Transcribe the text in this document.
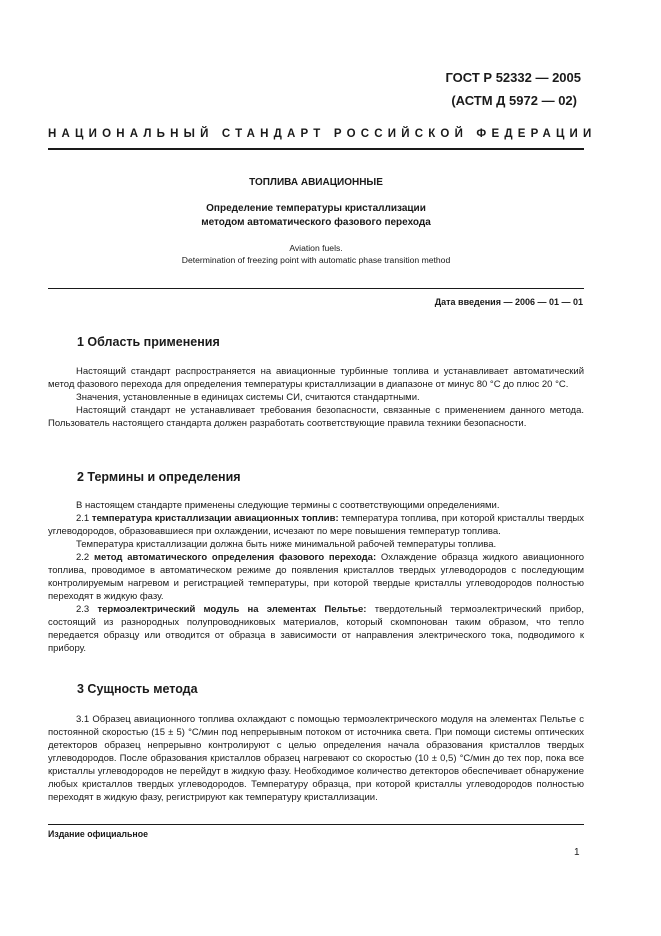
ГОСТ Р 52332 — 2005
(АСТМ Д 5972 — 02)
НАЦИОНАЛЬНЫЙ СТАНДАРТ РОССИЙСКОЙ ФЕДЕРАЦИИ
ТОПЛИВА АВИАЦИОННЫЕ
Определение температуры кристаллизации
методом автоматического фазового перехода
Aviation fuels.
Determination of freezing point with automatic phase transition method
Дата введения — 2006 — 01 — 01
1 Область применения

Настоящий стандарт распространяется на авиационные турбинные топлива и устанавливает автоматический метод фазового перехода для определения температуры кристаллизации в диапазоне от минус 80 °С до плюс 20 °С.

Значения, установленные в единицах системы СИ, считаются стандартными.

Настоящий стандарт не устанавливает требования безопасности, связанные с применением данного метода. Пользователь настоящего стандарта должен разработать соответствующие правила техники безопасности.

2 Термины и определения

В настоящем стандарте применены следующие термины с соответствующими определениями.

2.1 температура кристаллизации авиационных топлив: температура топлива, при которой кристаллы твердых углеводородов, образовавшиеся при охлаждении, исчезают по мере повышения температур топлива.

Температура кристаллизации должна быть ниже минимальной рабочей температуры топлива.

2.2 метод автоматического определения фазового перехода: Охлаждение образца жидкого авиационного топлива, проводимое в автоматическом режиме до появления кристаллов твердых углеводородов с последующим контролируемым нагревом и регистрацией температуры, при которой твердые кристаллы углеводородов полностью переходят в жидкую фазу.

2.3 термоэлектрический модуль на элементах Пельтье: твердотельный термоэлектрический прибор, состоящий из разнородных полупроводниковых материалов, который скомпонован таким образом, что тепло передается образцу или отводится от образца в зависимости от направления электрического тока, подводимого к прибору.

3 Сущность метода

3.1 Образец авиационного топлива охлаждают с помощью термоэлектрического модуля на элементах Пельтье с постоянной скоростью (15 ± 5) °С/мин под непрерывным потоком от источника света. При помощи системы оптических детекторов образец непрерывно контролируют с целью определения начала образования кристаллов твердых углеводородов. После образования кристаллов образец нагревают со скоростью (10 ± 0,5) °С/мин до тех пор, пока все кристаллы углеводородов не перейдут в жидкую фазу. Необходимое количество детекторов обеспечивает обнаружение любых кристаллов твердых углеводородов. Температуру образца, при которой кристаллы углеводородов полностью переходят в жидкую фазу, регистрируют как температуру кристаллизации.

Издание официальное
1
